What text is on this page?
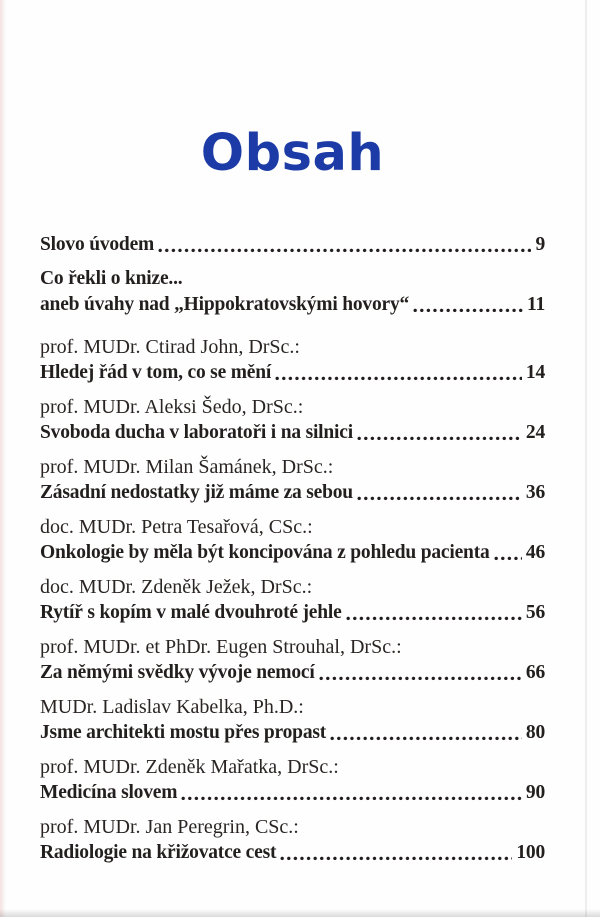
Obsah
Slovo úvodem	9
Co řekli o knize...
aneb úvahy nad „Hippokratovskými hovory“	11
prof. MUDr. Ctirad John, DrSc.:
Hledej řád v tom, co se mění	14
prof. MUDr. Aleksi Šedo, DrSc.:
Svoboda ducha v laboratoři i na silnici	24
prof. MUDr. Milan Šamánek, DrSc.:
Zásadní nedostatky již máme za sebou	36
doc. MUDr. Petra Tesařová, CSc.:
Onkologie by měla být koncipována z pohledu pacienta 46
doc. MUDr. Zdeněk Ježek, DrSc.:
Rytíř s kopím v malé dvouhroté jehle	56
prof. MUDr. et PhDr. Eugen Strouhal, DrSc.:
Za němými svědky vývoje nemocí	66
MUDr. Ladislav Kabelka, Ph.D.:
Jsme architekti mostu přes propast	80
prof. MUDr. Zdeněk Mařatka, DrSc.:
Medicína slovem	90
prof. MUDr. Jan Peregrin, CSc.:
Radiologie na křižovatce cest	100
